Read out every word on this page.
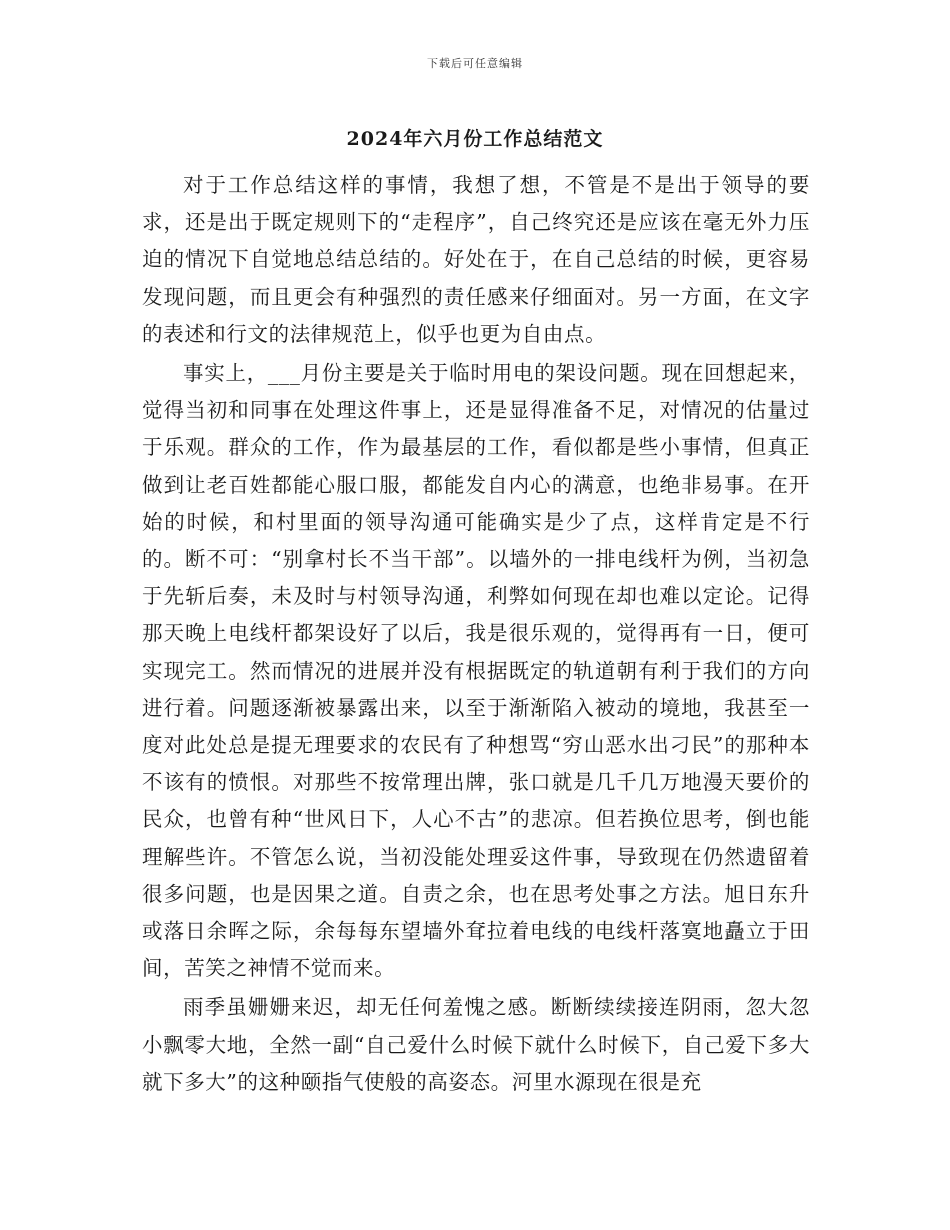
下载后可任意编辑
2024年六月份工作总结范文

对于工作总结这样的事情，我想了想，不管是不是出于领导的要求，还是出于既定规则下的“走程序”，自己终究还是应该在毫无外力压迫的情况下自觉地总结总结的。好处在于，在自己总结的时候，更容易发现问题，而且更会有种强烈的责任感来仔细面对。另一方面，在文字的表述和行文的法律规范上，似乎也更为自由点。

事实上，___月份主要是关于临时用电的架设问题。现在回想起来，觉得当初和同事在处理这件事上，还是显得准备不足，对情况的估量过于乐观。群众的工作，作为最基层的工作，看似都是些小事情，但真正做到让老百姓都能心服口服，都能发自内心的满意，也绝非易事。在开始的时候，和村里面的领导沟通可能确实是少了点，这样肯定是不行的。断不可：“别拿村长不当干部”。以墙外的一排电线杆为例，当初急于先斩后奏，未及时与村领导沟通，利弊如何现在却也难以定论。记得那天晚上电线杆都架设好了以后，我是很乐观的，觉得再有一日，便可实现完工。然而情况的进展并没有根据既定的轨道朝有利于我们的方向进行着。问题逐渐被暴露出来，以至于渐渐陷入被动的境地，我甚至一度对此处总是提无理要求的农民有了种想骂“穷山恶水出刁民”的那种本不该有的愤恨。对那些不按常理出牌，张口就是几千几万地漫天要价的民众，也曾有种“世风日下，人心不古”的悲凉。但若换位思考，倒也能理解些许。不管怎么说，当初没能处理妥这件事，导致现在仍然遗留着很多问题，也是因果之道。自责之余，也在思考处事之方法。旭日东升或落日余晖之际，余每每东望墙外耷拉着电线的电线杆落寞地矗立于田间，苦笑之神情不觉而来。

雨季虽姗姗来迟，却无任何羞愧之感。断断续续接连阴雨，忽大忽小飘零大地，全然一副“自己爱什么时候下就什么时候下，自己爱下多大就下多大”的这种颐指气使般的高姿态。河里水源现在很是充
